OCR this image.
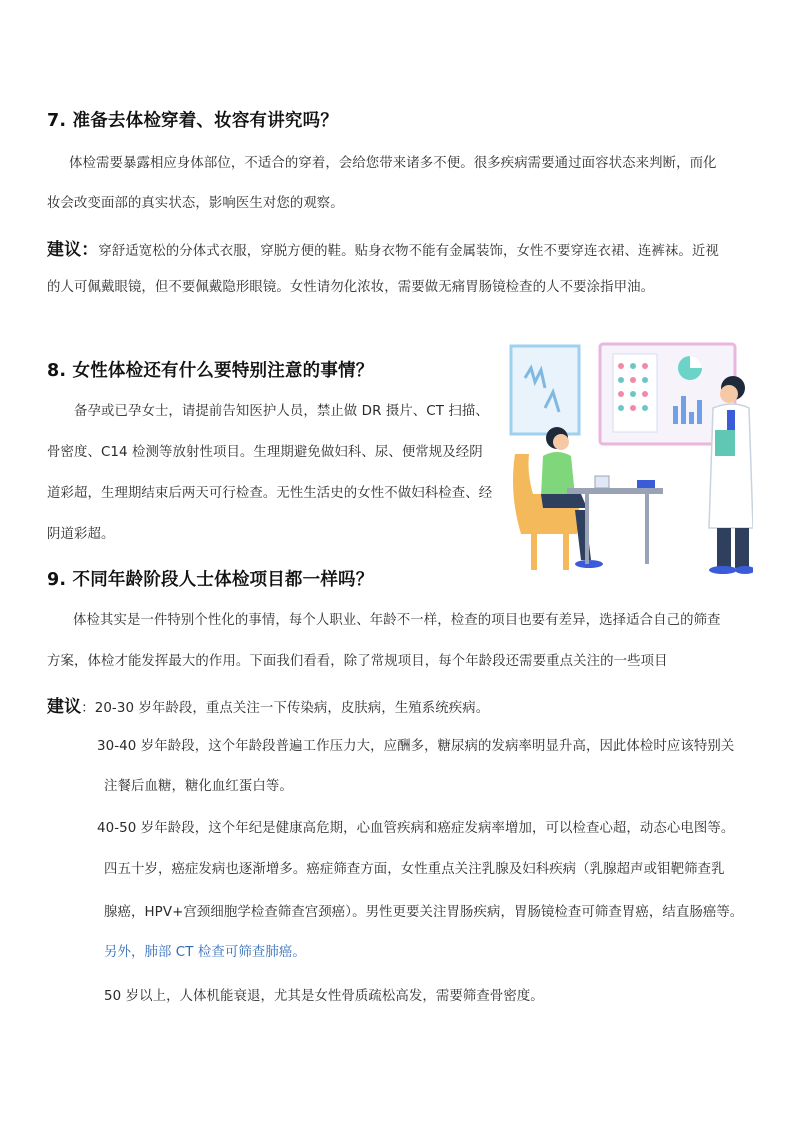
7. 准备去体检穿着、妆容有讲究吗？
体检需要暴露相应身体部位，不适合的穿着，会给您带来诸多不便。很多疾病需要通过面容状态来判断，而化
妆会改变面部的真实状态，影响医生对您的观察。
建议：穿舒适宽松的分体式衣服，穿脱方便的鞋。贴身衣物不能有金属装饰，女性不要穿连衣裙、连裤袜。近视
的人可佩戴眼镜，但不要佩戴隐形眼镜。女性请勿化浓妆，需要做无痛胃肠镜检查的人不要涂指甲油。
8. 女性体检还有什么要特别注意的事情？
备孕或已孕女士，请提前告知医护人员，禁止做 DR 摄片、CT 扫描、
骨密度、C14 检测等放射性项目。生理期避免做妇科、尿、便常规及经阴
道彩超，生理期结束后两天可行检查。无性生活史的女性不做妇科检查、经
阴道彩超。
9. 不同年龄阶段人士体检项目都一样吗？
体检其实是一件特别个性化的事情，每个人职业、年龄不一样，检查的项目也要有差异，选择适合自己的筛查
方案，体检才能发挥最大的作用。下面我们看看，除了常规项目，每个年龄段还需要重点关注的一些项目
建议：20-30 岁年龄段，重点关注一下传染病，皮肤病，生殖系统疾病。
30-40 岁年龄段，这个年龄段普遍工作压力大，应酬多，糖尿病的发病率明显升高，因此体检时应该特别关
注餐后血糖，糖化血红蛋白等。
40-50 岁年龄段，这个年纪是健康高危期，心血管疾病和癌症发病率增加，可以检查心超，动态心电图等。
四五十岁，癌症发病也逐渐增多。癌症筛查方面，女性重点关注乳腺及妇科疾病（乳腺超声或钼靶筛查乳
腺癌，HPV+宫颈细胞学检查筛查宫颈癌）。男性更要关注胃肠疾病，胃肠镜检查可筛查胃癌，结直肠癌等。
另外，肺部 CT 检查可筛查肺癌。
50 岁以上，人体机能衰退，尤其是女性骨质疏松高发，需要筛查骨密度。
